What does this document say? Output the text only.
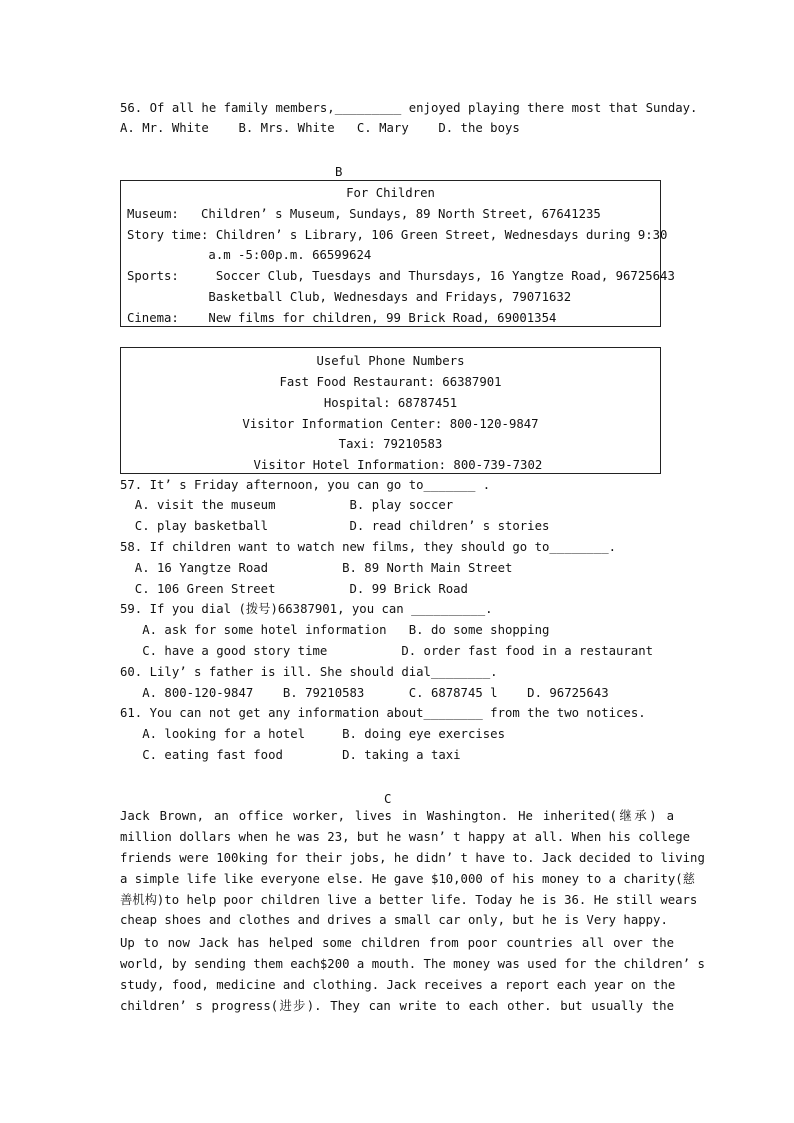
56. Of all he family members,_________ enjoyed playing there most that Sunday.
A. Mr. White    B. Mrs. White   C. Mary    D. the boys
B
For Children
Museum:   Children’ s Museum, Sundays, 89 North Street, 67641235
Story time: Children’ s Library, 106 Green Street, Wednesdays during 9:30
a.m -5:00p.m. 66599624
Sports:     Soccer Club, Tuesdays and Thursdays, 16 Yangtze Road, 96725643
Basketball Club, Wednesdays and Fridays, 79071632
Cinema:    New films for children, 99 Brick Road, 69001354
Useful Phone Numbers
Fast Food Restaurant: 66387901
Hospital: 68787451
Visitor Information Center: 800-120-9847
Taxi: 79210583
Visitor Hotel Information: 800-739-7302
57. It’ s Friday afternoon, you can go to_______ .
A. visit the museum          B. play soccer
C. play basketball           D. read children’ s stories
58. If children want to watch new films, they should go to________.
A. 16 Yangtze Road          B. 89 North Main Street
C. 106 Green Street          D. 99 Brick Road
59. If you dial (拨号)66387901, you can __________.
A. ask for some hotel information   B. do some shopping
C. have a good story time          D. order fast food in a restaurant
60. Lily’ s father is ill. She should dial________.
A. 800-120-9847    B. 79210583      C. 6878745 l    D. 96725643
61. You can not get any information about________ from the two notices.
A. looking for a hotel     B. doing eye exercises
C. eating fast food        D. taking a taxi
C
Jack Brown, an office worker, lives in Washington. He inherited(继承) a
million dollars when he was 23, but he wasn’ t happy at all. When his college
friends were 100king for their jobs, he didn’ t have to. Jack decided to living
a simple life like everyone else. He gave $10,000 of his money to a charity(慈
善机构)to help poor children live a better life. Today he is 36. He still wears
cheap shoes and clothes and drives a small car only, but he is Very happy.
Up to now Jack has helped some children from poor countries all over the
world, by sending them each$200 a mouth. The money was used for the children’ s
study, food, medicine and clothing. Jack receives a report each year on the
children’ s progress(进步). They can write to each other. but usually the
